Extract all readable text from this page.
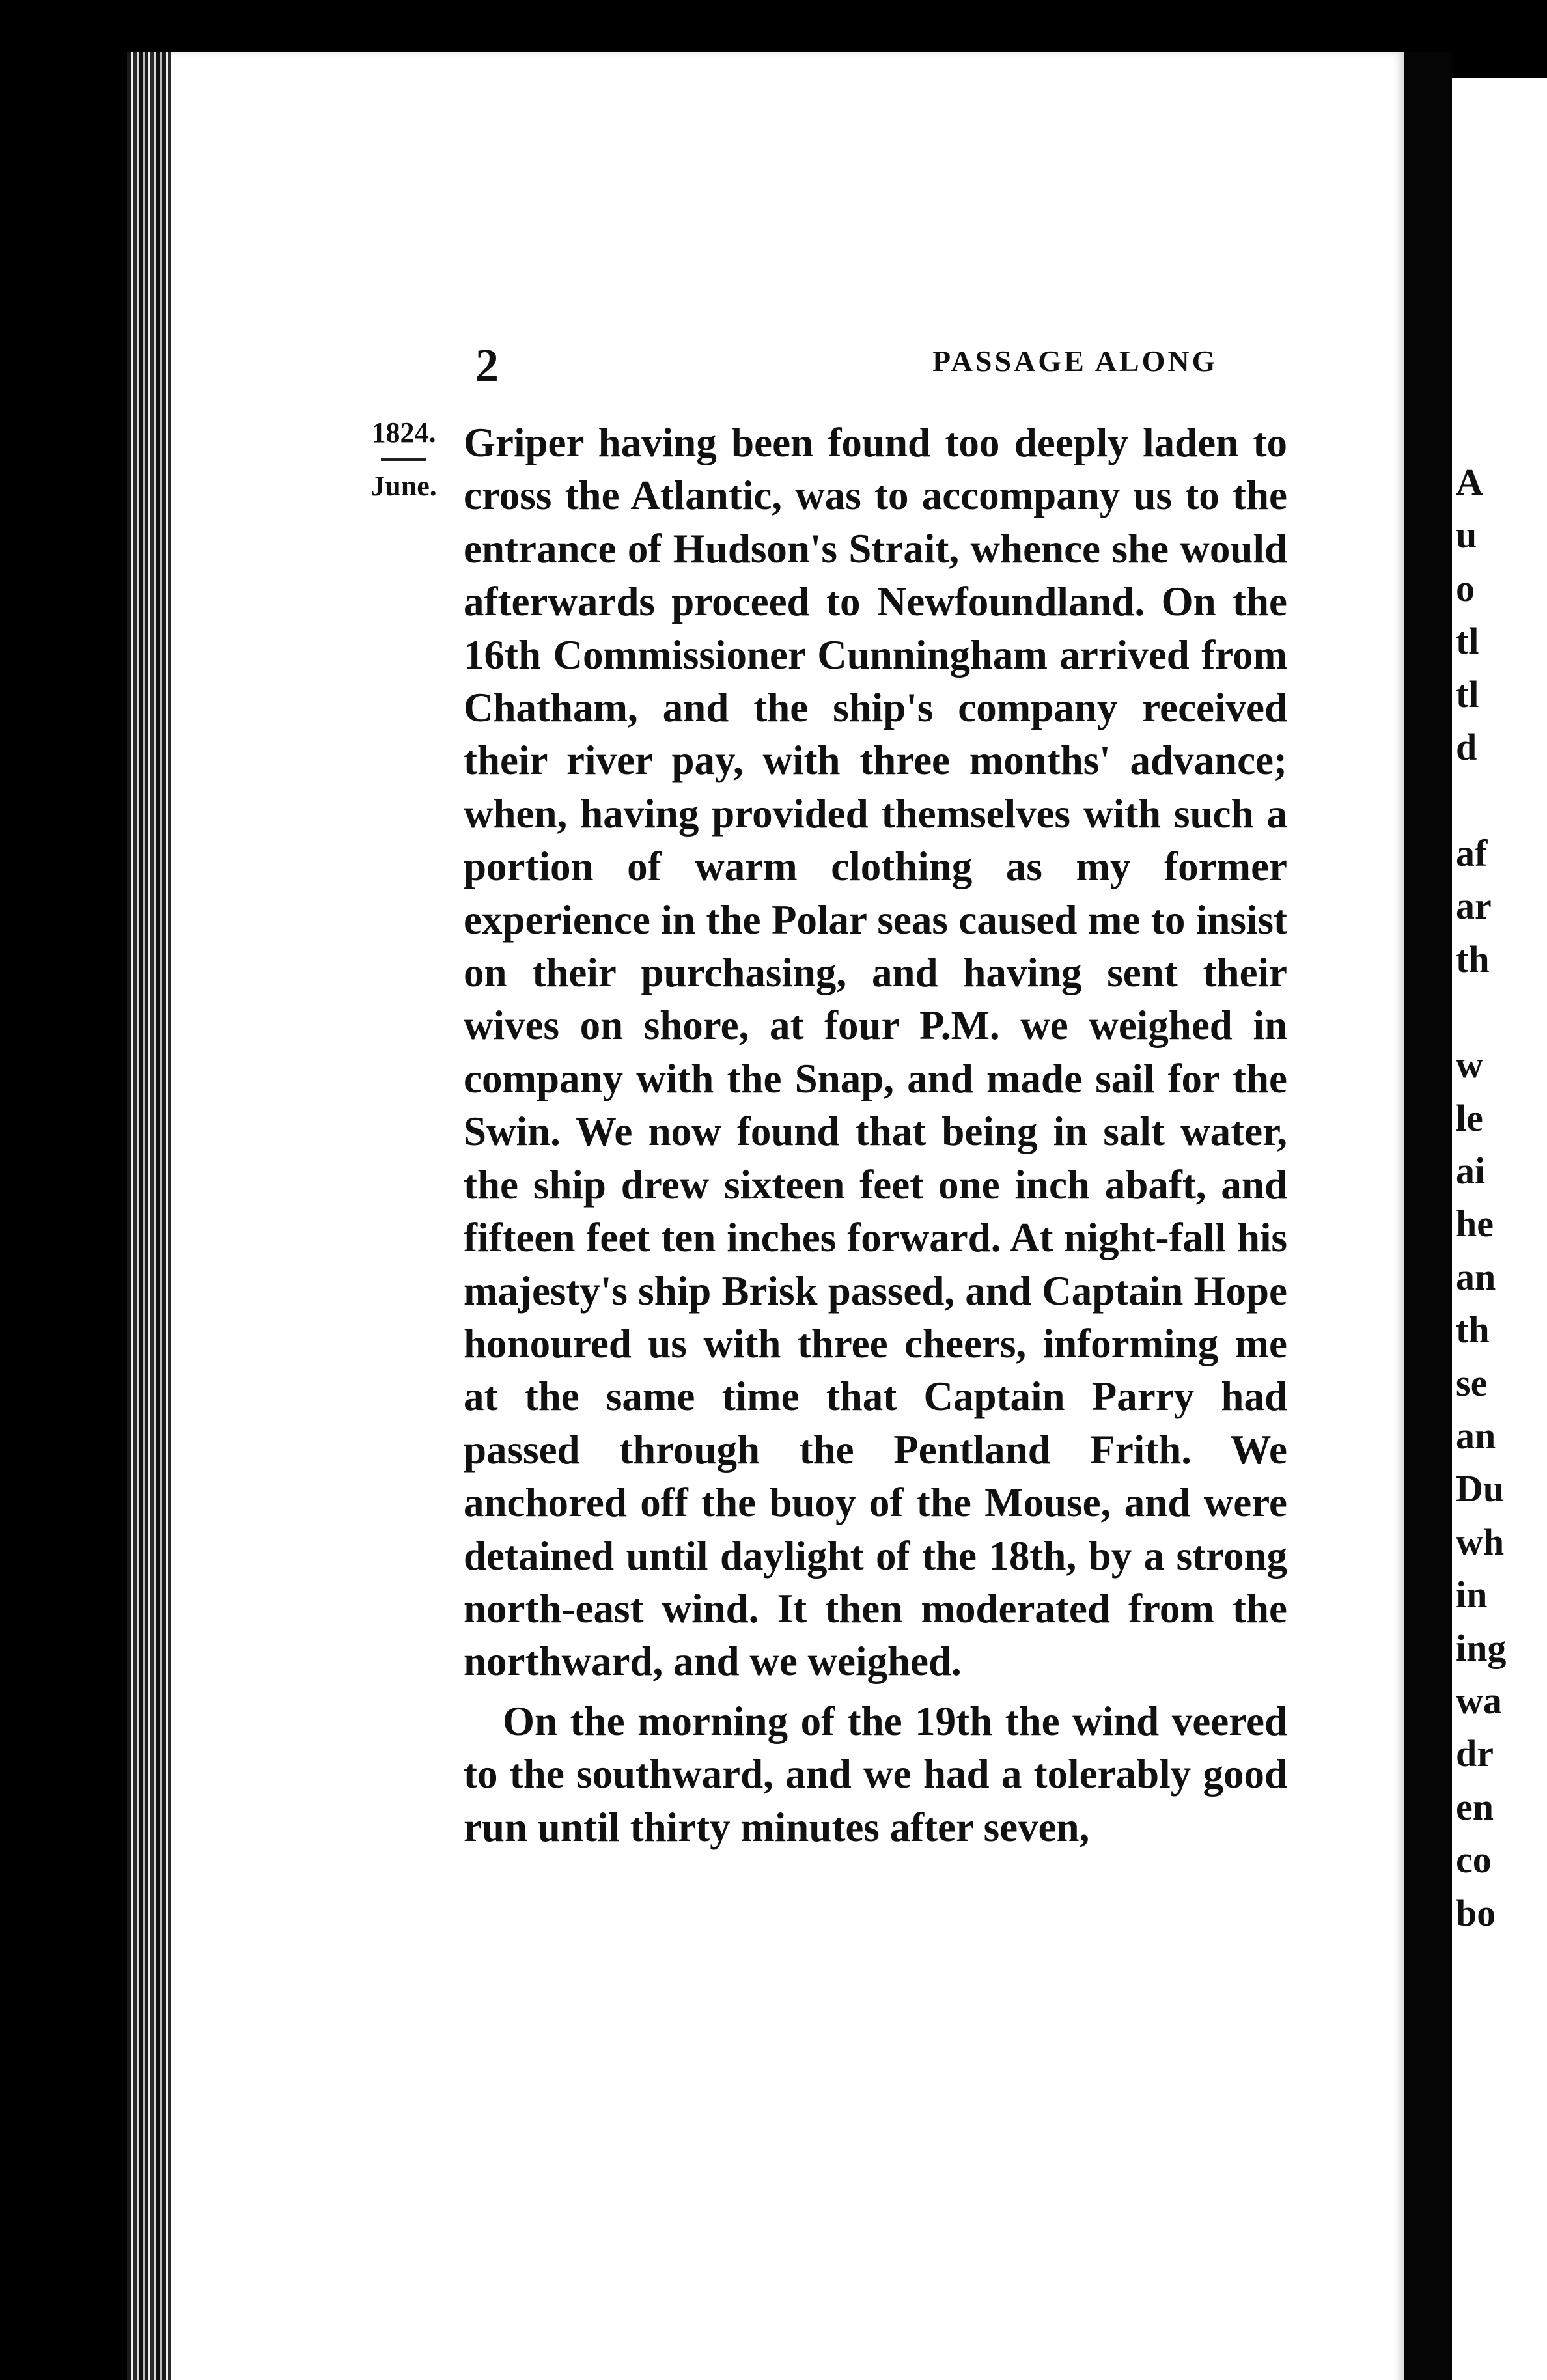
2	PASSAGE ALONG
1824.
June.

Griper having been found too deeply laden to cross the Atlantic, was to accompany us to the entrance of Hudson's Strait, whence she would afterwards proceed to Newfoundland. On the 16th Commissioner Cunningham arrived from Chatham, and the ship's company received their river pay, with three months' advance; when, having provided themselves with such a portion of warm clothing as my former experience in the Polar seas caused me to insist on their purchasing, and having sent their wives on shore, at four P.M. we weighed in company with the Snap, and made sail for the Swin. We now found that being in salt water, the ship drew sixteen feet one inch abaft, and fifteen feet ten inches forward. At night-fall his majesty's ship Brisk passed, and Captain Hope honoured us with three cheers, informing me at the same time that Captain Parry had passed through the Pentland Frith. We anchored off the buoy of the Mouse, and were detained until daylight of the 18th, by a strong north-east wind. It then moderated from the northward, and we weighed.

On the morning of the 19th the wind veered to the southward, and we had a tolerably good run until thirty minutes after seven,

A
u
o
tl
tl
d
af
ar
th
w
le
ai
he
an
th
se
an
Du
wh
in
ing
wa
dr
en
co
bo
